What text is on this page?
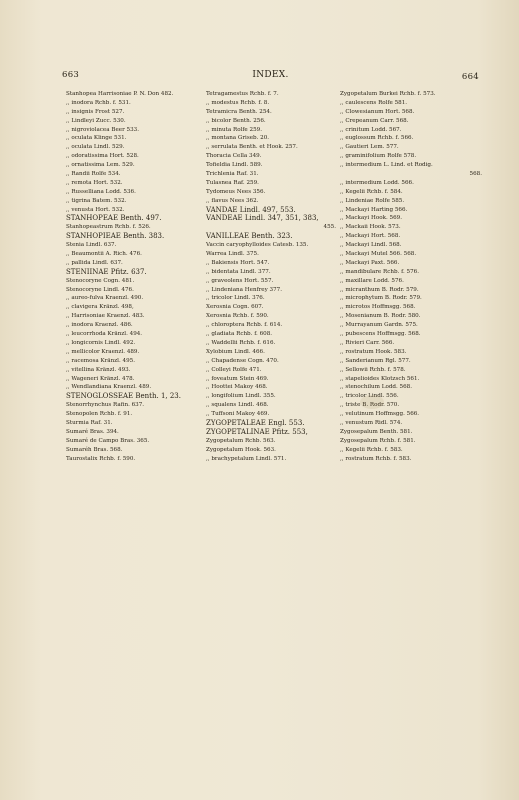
663	INDEX.	664
Stanhopea Harrisoniae P. N. Don 482.
,, inodora Rchb. f. 531.
,, insignis Frost 527.
,, Lindleyi Zucc. 530.
,, nigroviolacea Beer 533.
,, oculata Klinge 531.
,, oculata Lindl. 529.
,, odoratissima Hort. 528.
,, ornatissima Lem. 529.
,, Randii Rolfe 534.
,, remota Hort. 532.
,, Russelliana Lodd. 536.
,, tigrina Batem. 532.
,, venusta Hort. 532.
STANHOPEAE Benth. 497.
Stanhopeastrum Rchb. f. 526.
STANHOPIEAE Benth. 383.
Stenia Lindl. 637.
,, Beaumontii A. Rich. 476.
,, pallida Lindl. 637.
STENIINAE Pfitz. 637.
Stenocoryne Cogn. 481.
Stenocoryne Lindl. 476.
,, aureo-fulva Kraenzl. 490.
,, clavigera Kränzl. 498,
,, Harrisoniae Kraenzl. 483.
,, inodora Kraenzl. 486.
,, leucorrhoda Kränzl. 494.
,, longicornis Lindl. 492.
,, mellicolor Kraenzl. 489.
,, racemosa Kränzl. 495.
,, vitellina Kränzl. 493.
,, Wageneri Kränzl. 478.
,, Wendlandiana Kraenzl. 489.
STENOGLOSSEAE Benth. 1, 23.
Stenorrhynchus Rafin. 637.
Stenopolen Rchb. f. 91.
Sturmia Raf. 31.
Sumaré Bras. 394.
Sumaré de Campo Bras. 365.
Sumaréh Bras. 568.
Taurostalix Rchb. f. 590.
Tetragamestus Rchb. f. 7.
,, modestus Rchb. f. 8.
Tetramicra Benth. 254.
,, bicolor Benth. 256.
,, minuta Rolfe 259.
,, montana Griseb. 20.
,, serrulata Benth. et Hook. 257.
Thoracia Cella 349.
Tofieldia Lindl. 589.
Trichlenia Raf. 31.
Tulasnea Raf. 259.
Tydomeus Nees 356.
,, flavus Nees 362.
VANDAE Lindl. 497, 553.
VANDEAE Lindl. 347, 351, 383,
455.
VANILLEAE Benth. 323.
Vaccin caryophylloides Catesb. 135.
Warrea Lindl. 375.
,, Bakiensis Hort. 547.
,, bidentata Lindl. 377.
,, graveolens Hort. 557.
,, Lindeniana Henfrey 377.
,, tricolor Lindl. 376.
Xerosnia Cogn. 607.
Xerosnia Rchb. f. 590.
,, chloroptera Rchb. f. 614.
,, gladiata Rchb. f. 608.
,, Waddellii Rchb. f. 616.
Xylobium Lindl. 466.
,, Chapadense Cogn. 470.
,, Colleyi Rolfe 471.
,, foveatum Stein 469.
,, Hoottei Makoy 468.
,, longifolium Lindl. 355.
,, squalens Lindl. 468.
,, Tuffsoni Makoy 469.
ZYGOPETALEAE Engl. 553.
ZYGOPETALINAE Pfitz. 553,
Zygopetalum Rchb. 563.
Zygopetalum Hook. 563.
,, brachypetalum Lindl. 571.
Zygopetalum Burkei Rchb. f. 573.
,, caulescens Rolfe 581.
,, Clowesianum Hort. 568.
,, Crepeanum Carr. 568.
,, crinitum Lodd. 567.
,, euglossum Rchb. f. 566.
,, Gautieri Lem. 577.
,, graminifolium Rolfe 578.
,, intermedium L. Lind. et Rodig.
568.
,, intermedium Lodd. 566.
,, Kegelii Rchb. f. 584.
,, Lindeniae Rolfe 585.
,, Mackayi Harting 566.
,, Mackayi Hook. 569.
,, Mackaii Hook. 573.
,, Mackayi Hort. 568.
,, Mackayi Lindl. 568.
,, Mackayi Mutel 566. 568.
,, Mackayi Paxt. 566.
,, mandibulare Rchb. f. 576.
,, maxillare Lodd. 576.
,, micranthum B. Rodr. 579.
,, microphytum B. Rodr. 579.
,, microtos Hoffmsgg. 568.
,, Mosenianum B. Rodr. 580.
,, Murrayanum Gardn. 575.
,, pubescens Hoffmsgg. 568.
,, Rivieri Carr. 566.
,, rostratum Hook. 583.
,, Sanderianum Rgl. 577.
,, Sellowii Rchb. f. 578.
,, stapelioides Klotzsch 561.
,, stenochilum Lodd. 568.
,, tricolor Lindl. 556.
,, triste B. Rodr. 570.
,, velutinum Hoffmsgg. 566.
,, venustum Ridl. 574.
Zygosepalum Benth. 581.
Zygosepalum Rchb. f. 581.
,, Kegelii Rchb. f. 583.
,, rostratum Rchb. f. 583.
